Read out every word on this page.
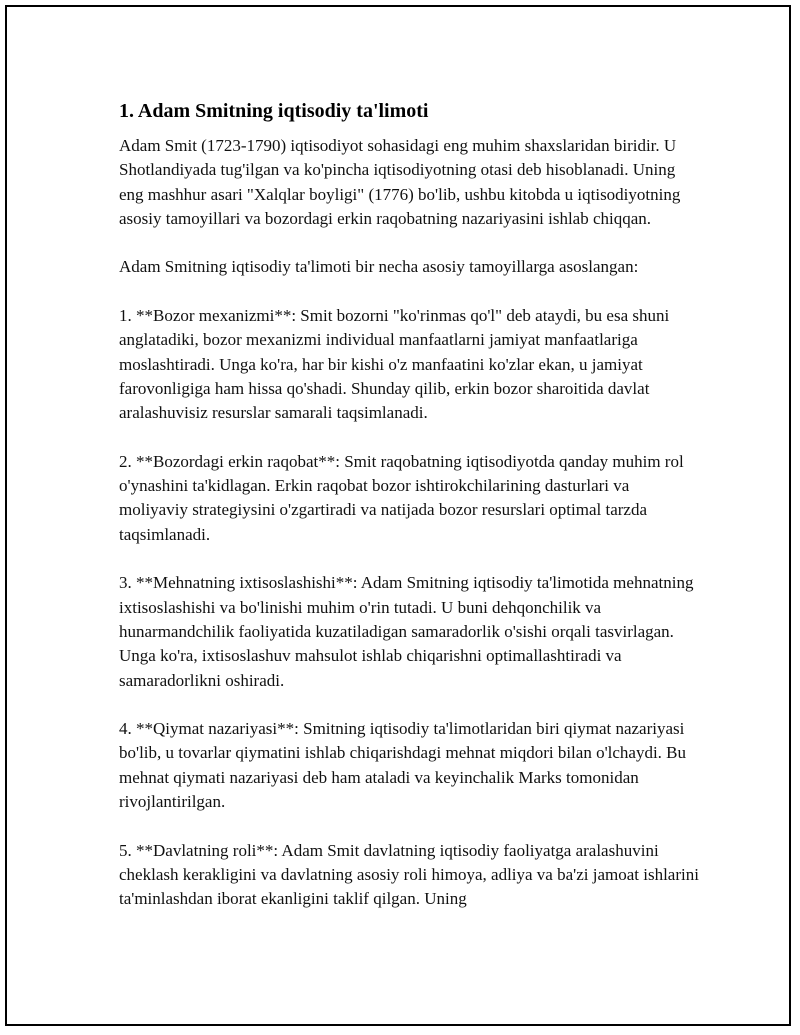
1. Adam Smitning iqtisodiy ta'limoti

Adam Smit (1723-1790) iqtisodiyot sohasidagi eng muhim shaxslaridan biridir. U Shotlandiyada tug'ilgan va ko'pincha iqtisodiyotning otasi deb hisoblanadi. Uning eng mashhur asari "Xalqlar boyligi" (1776) bo'lib, ushbu kitobda u iqtisodiyotning asosiy tamoyillari va bozordagi erkin raqobatning nazariyasini ishlab chiqqan.

Adam Smitning iqtisodiy ta'limoti bir necha asosiy tamoyillarga asoslangan:

1. **Bozor mexanizmi**: Smit bozorni "ko'rinmas qo'l" deb ataydi, bu esa shuni anglatadiki, bozor mexanizmi individual manfaatlarni jamiyat manfaatlariga moslashtiradi. Unga ko'ra, har bir kishi o'z manfaatini ko'zlar ekan, u jamiyat farovonligiga ham hissa qo'shadi. Shunday qilib, erkin bozor sharoitida davlat aralashuvisiz resurslar samarali taqsimlanadi.

2. **Bozordagi erkin raqobat**: Smit raqobatning iqtisodiyotda qanday muhim rol o'ynashini ta'kidlagan. Erkin raqobat bozor ishtirokchilarining dasturlari va moliyaviy strategiysini o'zgartiradi va natijada bozor resurslari optimal tarzda taqsimlanadi.

3. **Mehnatning ixtisoslashishi**: Adam Smitning iqtisodiy ta'limotida mehnatning ixtisoslashishi va bo'linishi muhim o'rin tutadi. U buni dehqonchilik va hunarmandchilik faoliyatida kuzatiladigan samaradorlik o'sishi orqali tasvirlagan. Unga ko'ra, ixtisoslashuv mahsulot ishlab chiqarishni optimallashtiradi va samaradorlikni oshiradi.

4. **Qiymat nazariyasi**: Smitning iqtisodiy ta'limotlaridan biri qiymat nazariyasi bo'lib, u tovarlar qiymatini ishlab chiqarishdagi mehnat miqdori bilan o'lchaydi. Bu mehnat qiymati nazariyasi deb ham ataladi va keyinchalik Marks tomonidan rivojlantirilgan.

5. **Davlatning roli**: Adam Smit davlatning iqtisodiy faoliyatga aralashuvini cheklash kerakligini va davlatning asosiy roli himoya, adliya va ba'zi jamoat ishlarini ta'minlashdan iborat ekanligini taklif qilgan. Uning
